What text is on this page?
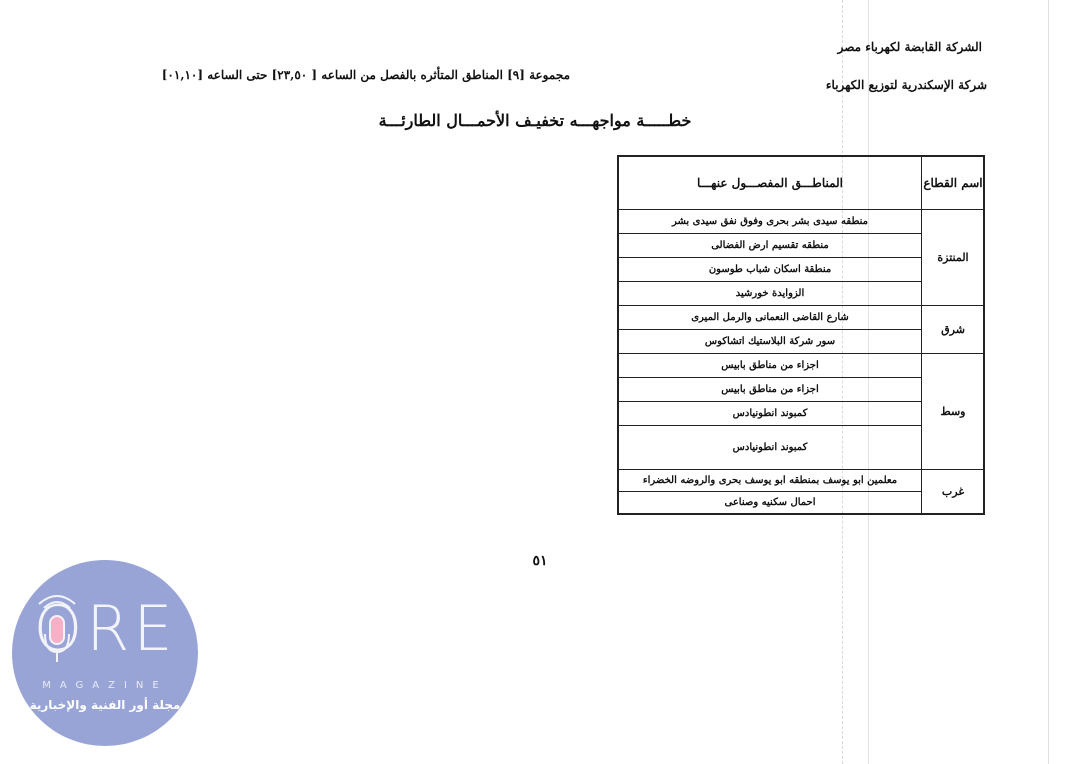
الشركة القابضة لكهرباء مصر
شركة الإسكندرية لتوزيع الكهرباء
مجموعة [٩] المناطق المتأثره بالفصل من الساعه [ ٢٣,٥٠] حتى الساعه [٠١,١٠]
خطـــــة مواجهـــه تخفيـف الأحمـــال الطارئـــة
اسم القطاع
المناطـــق المفصـــول عنهـــا
المنتزة
منطقه سيدى بشر بحرى وفوق نفق سيدى بشر
منطقه تقسيم ارض الفضالى
منطقة اسكان شباب طوسون
الزوايدة خورشيد
شرق
شارع القاضى النعمانى والرمل الميرى
سور شركة البلاستيك اتشاكوس
وسط
اجزاء من مناطق بابيس
اجزاء من مناطق بابيس
كمبوند انطونيادس
كمبوند انطونيادس
غرب
معلمين ابو يوسف بمنطقه ابو يوسف بحرى والروضه الخضراء
احمال سكنيه وصناعى
٥١
ORE
MAGAZINE
مجلة أور الفنية والإخبارية
